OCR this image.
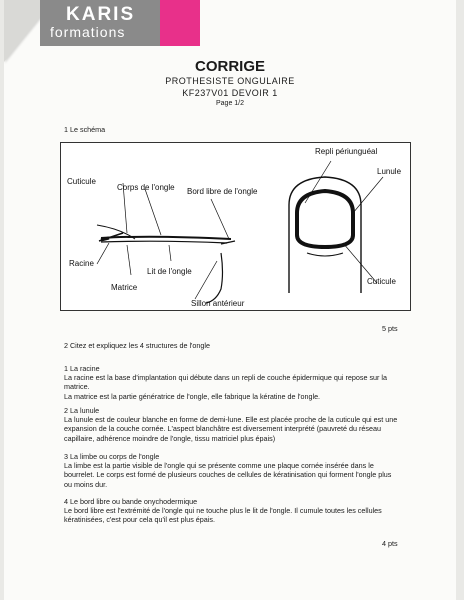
KARIS
formations
CORRIGE
PROTHESISTE ONGULAIRE
KF237V01 DEVOIR 1
Page 1/2
1 Le schéma
Cuticule
Corps de l'ongle Bord libre de l'ongle
Racine
Lit de l'ongle
Matrice
Sillon antérieur
Repli périunguéal
Lunule
Cuticule
5 pts
2 Citez et expliquez les 4 structures de l'ongle

1 La racine

La racine est la base d'implantation qui débute dans un repli de couche épidermique qui repose sur la

matrice.

La matrice est la partie génératrice de l'ongle, elle fabrique la kératine de l'ongle.

2 La lunule

La lunule est de couleur blanche en forme de demi-lune. Elle est placée proche de la cuticule qui est une

expansion de la couche cornée. L'aspect blanchâtre est diversement interprété (pauvreté du réseau

capillaire, adhérence moindre de l'ongle, tissu matriciel plus épais)

3 La limbe ou corps de l'ongle

La limbe est la partie visible de l'ongle qui se présente comme une plaque cornée insérée dans le

bourrelet. Le corps est formé de plusieurs couches de cellules de kératinisation qui forment l'ongle plus

ou moins dur.

4 Le bord libre ou bande onychodermique

Le bord libre est l'extrémité de l'ongle qui ne touche plus le lit de l'ongle. Il cumule toutes les cellules

kératinisées, c'est pour cela qu'il est plus épais.

4 pts
